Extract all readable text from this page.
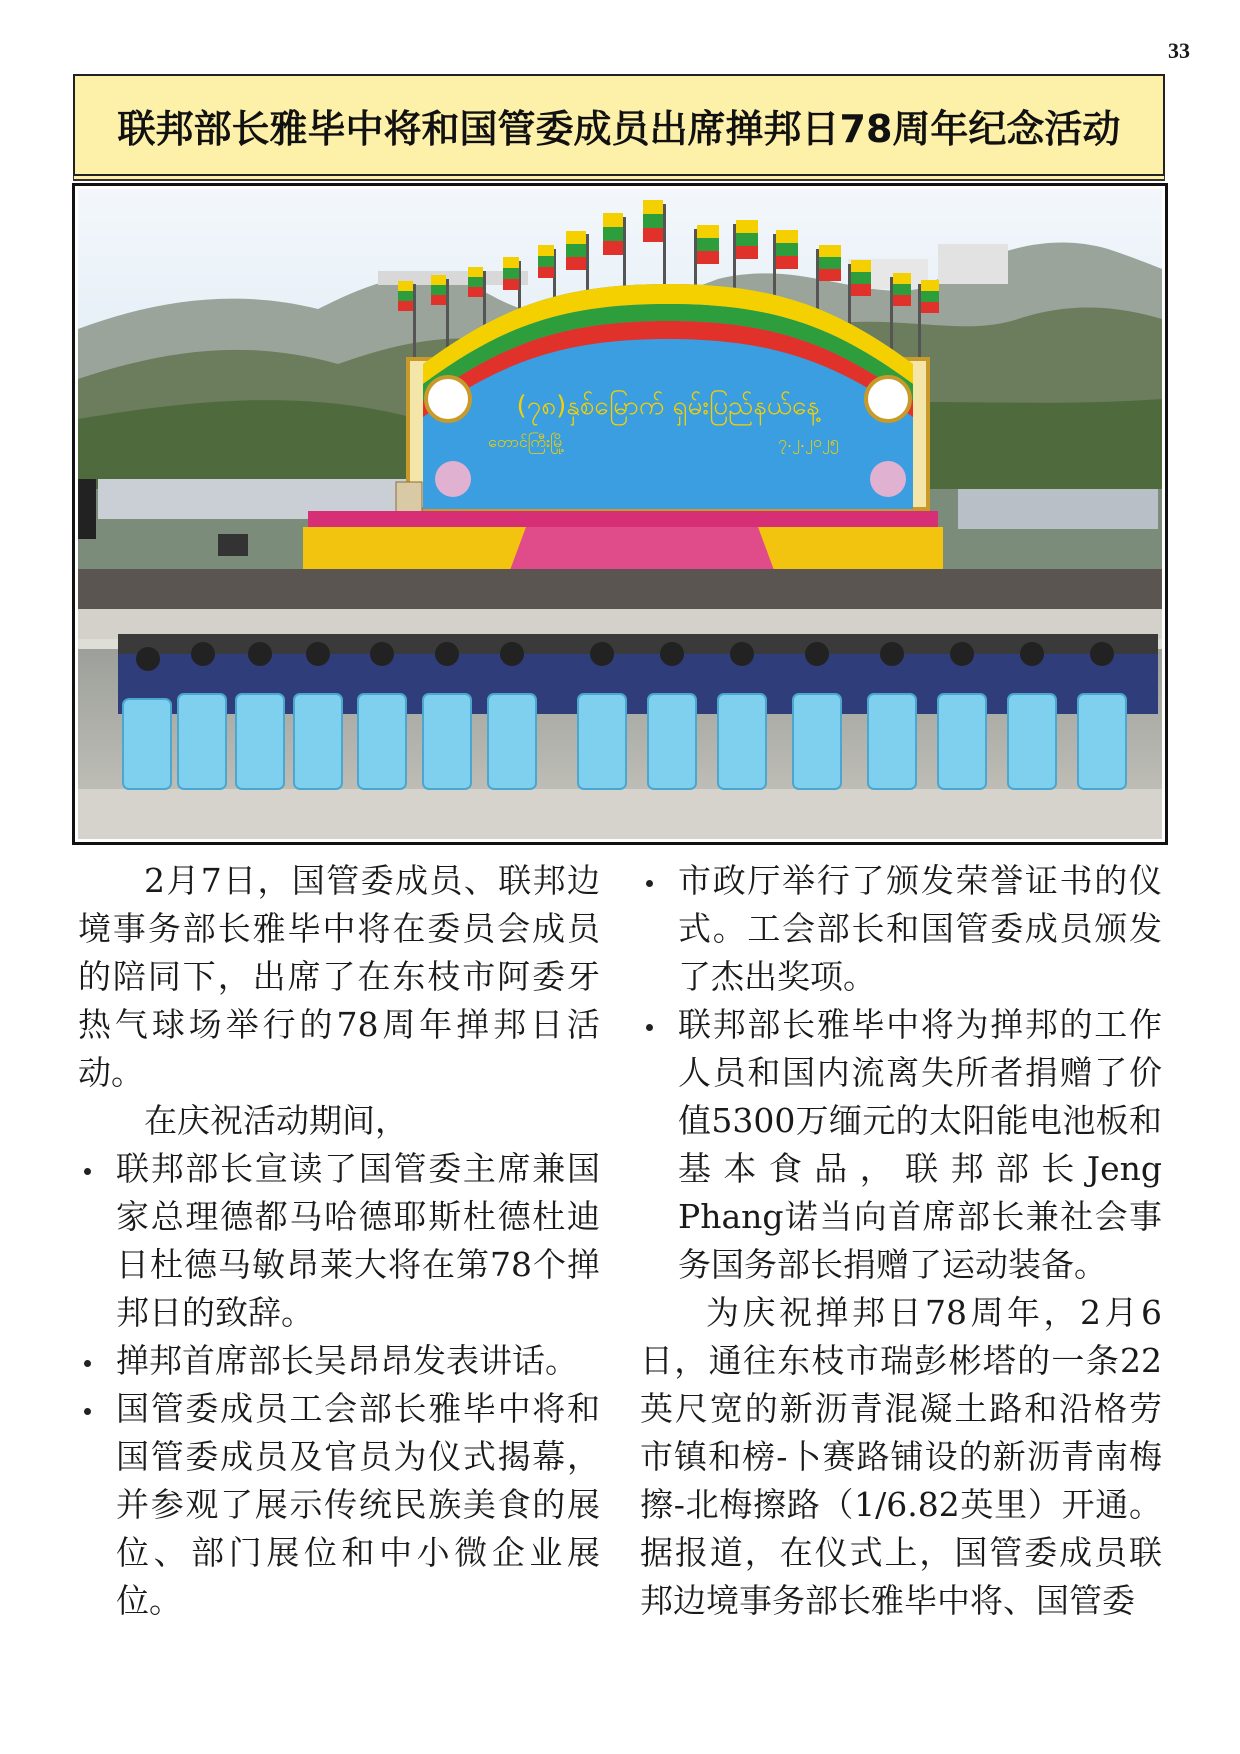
33
联邦部长雅毕中将和国管委成员出席掸邦日78周年纪念活动
(၇၈)နှစ်မြောက် ရှမ်းပြည်နယ်နေ့
တောင်ကြီးမြို့	၇.၂.၂၀၂၅

2月7日，国管委成员、联邦边境事务部长雅毕中将在委员会成员的陪同下，出席了在东枝市阿委牙热气球场举行的78周年掸邦日活动。

在庆祝活动期间，

联邦部长宣读了国管委主席兼国家总理德都马哈德耶斯杜德杜迪日杜德马敏昂莱大将在第78个掸邦日的致辞。

掸邦首席部长吴昂昂发表讲话。

国管委成员工会部长雅毕中将和国管委成员及官员为仪式揭幕，并参观了展示传统民族美食的展位、部门展位和中小微企业展位。

市政厅举行了颁发荣誉证书的仪式。工会部长和国管委成员颁发了杰出奖项。

联邦部长雅毕中将为掸邦的工作人员和国内流离失所者捐赠了价值5300万缅元的太阳能电池板和基本食品，联邦部长Jeng Phang诺当向首席部长兼社会事务国务部长捐赠了运动装备。

为庆祝掸邦日78周年，2月6日，通往东枝市瑞彭彬塔的一条22英尺宽的新沥青混凝土路和沿格劳市镇和榜-卜赛路铺设的新沥青南梅擦-北梅擦路（1/6.82英里）开通。据报道，在仪式上，国管委成员联邦边境事务部长雅毕中将、国管委
